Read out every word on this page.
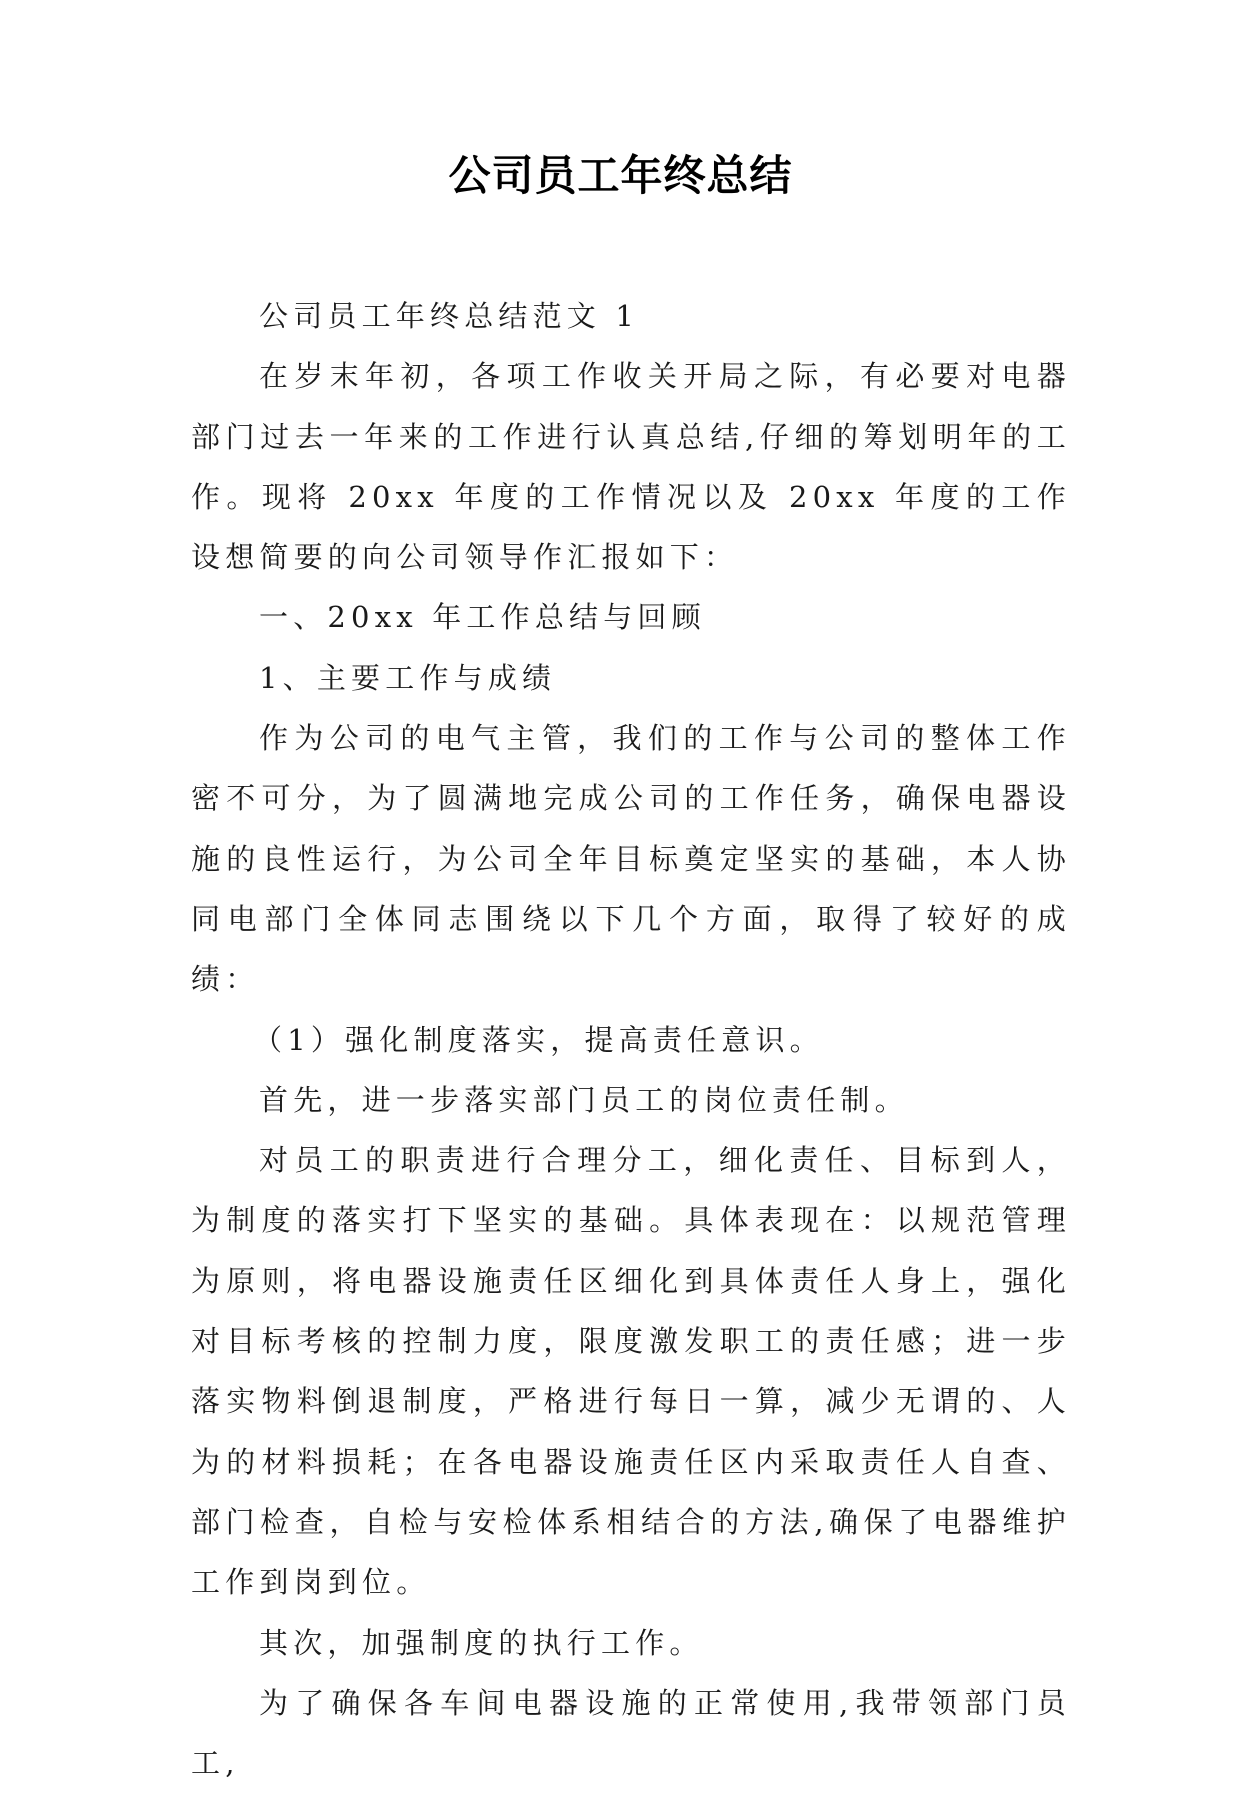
公司员工年终总结

公司员工年终总结范文 1

在岁末年初，各项工作收关开局之际，有必要对电器部门过去一年来的工作进行认真总结,仔细的筹划明年的工作。现将 20xx 年度的工作情况以及 20xx 年度的工作设想简要的向公司领导作汇报如下：

一、20xx 年工作总结与回顾

1、主要工作与成绩

作为公司的电气主管，我们的工作与公司的整体工作密不可分，为了圆满地完成公司的工作任务，确保电器设施的良性运行，为公司全年目标奠定坚实的基础，本人协同电部门全体同志围绕以下几个方面，取得了较好的成绩：

（1）强化制度落实，提高责任意识。

首先，进一步落实部门员工的岗位责任制。

对员工的职责进行合理分工，细化责任、目标到人，为制度的落实打下坚实的基础。具体表现在：以规范管理为原则，将电器设施责任区细化到具体责任人身上，强化对目标考核的控制力度，限度激发职工的责任感；进一步落实物料倒退制度，严格进行每日一算，减少无谓的、人为的材料损耗；在各电器设施责任区内采取责任人自查、部门检查，自检与安检体系相结合的方法,确保了电器维护工作到岗到位。

其次，加强制度的执行工作。

为了确保各车间电器设施的正常使用,我带领部门员工,
